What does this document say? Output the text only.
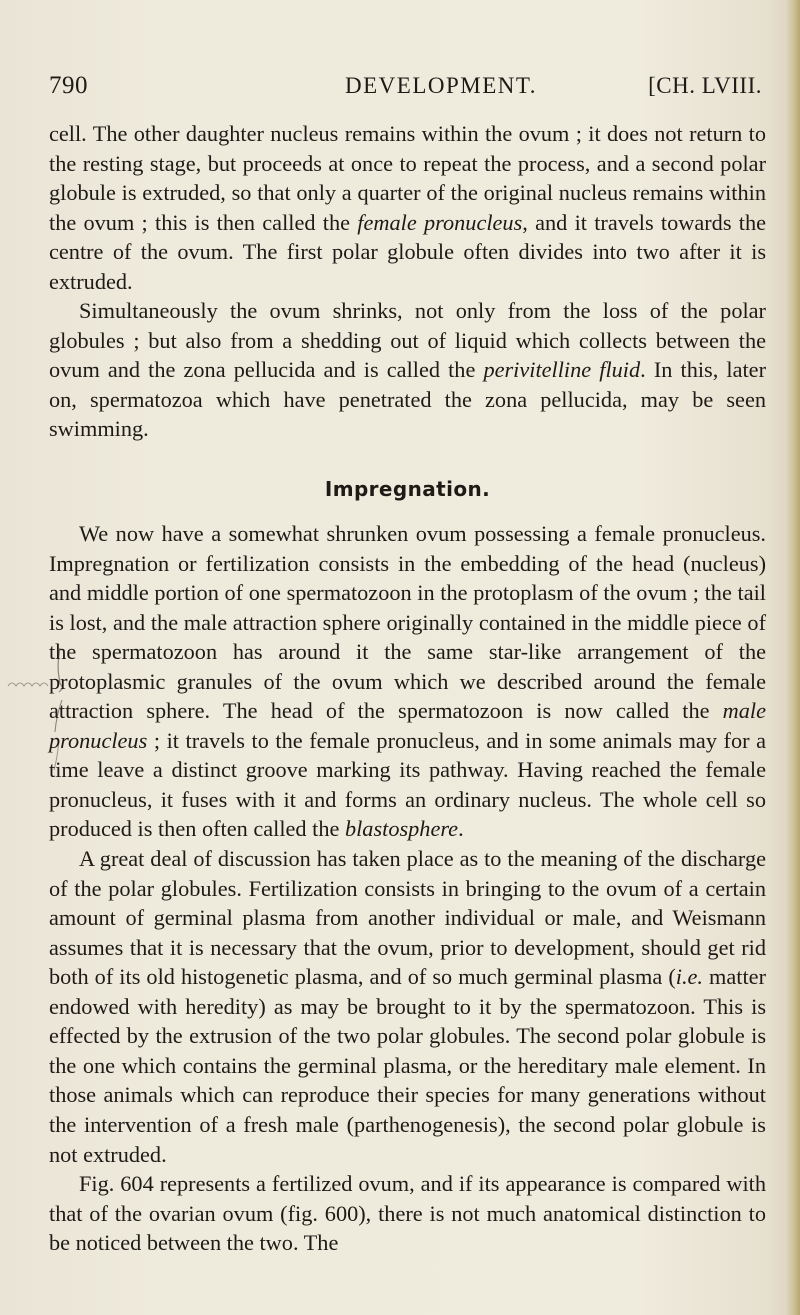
790	DEVELOPMENT.	[CH. LVIII.

cell. The other daughter nucleus remains within the ovum ; it does not return to the resting stage, but proceeds at once to repeat the process, and a second polar globule is extruded, so that only a quarter of the original nucleus remains within the ovum ; this is then called the female pronucleus, and it travels towards the centre of the ovum. The first polar globule often divides into two after it is extruded.

Simultaneously the ovum shrinks, not only from the loss of the polar globules ; but also from a shedding out of liquid which collects between the ovum and the zona pellucida and is called the perivitelline fluid. In this, later on, spermatozoa which have penetrated the zona pellucida, may be seen swimming.

Impregnation.

We now have a somewhat shrunken ovum possessing a female pronucleus. Impregnation or fertilization consists in the embedding of the head (nucleus) and middle portion of one spermatozoon in the protoplasm of the ovum ; the tail is lost, and the male attraction sphere originally contained in the middle piece of the spermatozoon has around it the same star-like arrangement of the protoplasmic granules of the ovum which we described around the female attraction sphere. The head of the spermatozoon is now called the male pronucleus ; it travels to the female pronucleus, and in some animals may for a time leave a distinct groove marking its pathway. Having reached the female pronucleus, it fuses with it and forms an ordinary nucleus. The whole cell so produced is then often called the blastosphere.

A great deal of discussion has taken place as to the meaning of the discharge of the polar globules. Fertilization consists in bringing to the ovum of a certain amount of germinal plasma from another individual or male, and Weismann assumes that it is necessary that the ovum, prior to development, should get rid both of its old histogenetic plasma, and of so much germinal plasma (i.e. matter endowed with heredity) as may be brought to it by the spermatozoon. This is effected by the extrusion of the two polar globules. The second polar globule is the one which contains the germinal plasma, or the hereditary male element. In those animals which can reproduce their species for many generations without the intervention of a fresh male (parthenogenesis), the second polar globule is not extruded.

Fig. 604 represents a fertilized ovum, and if its appearance is compared with that of the ovarian ovum (fig. 600), there is not much anatomical distinction to be noticed between the two. The
